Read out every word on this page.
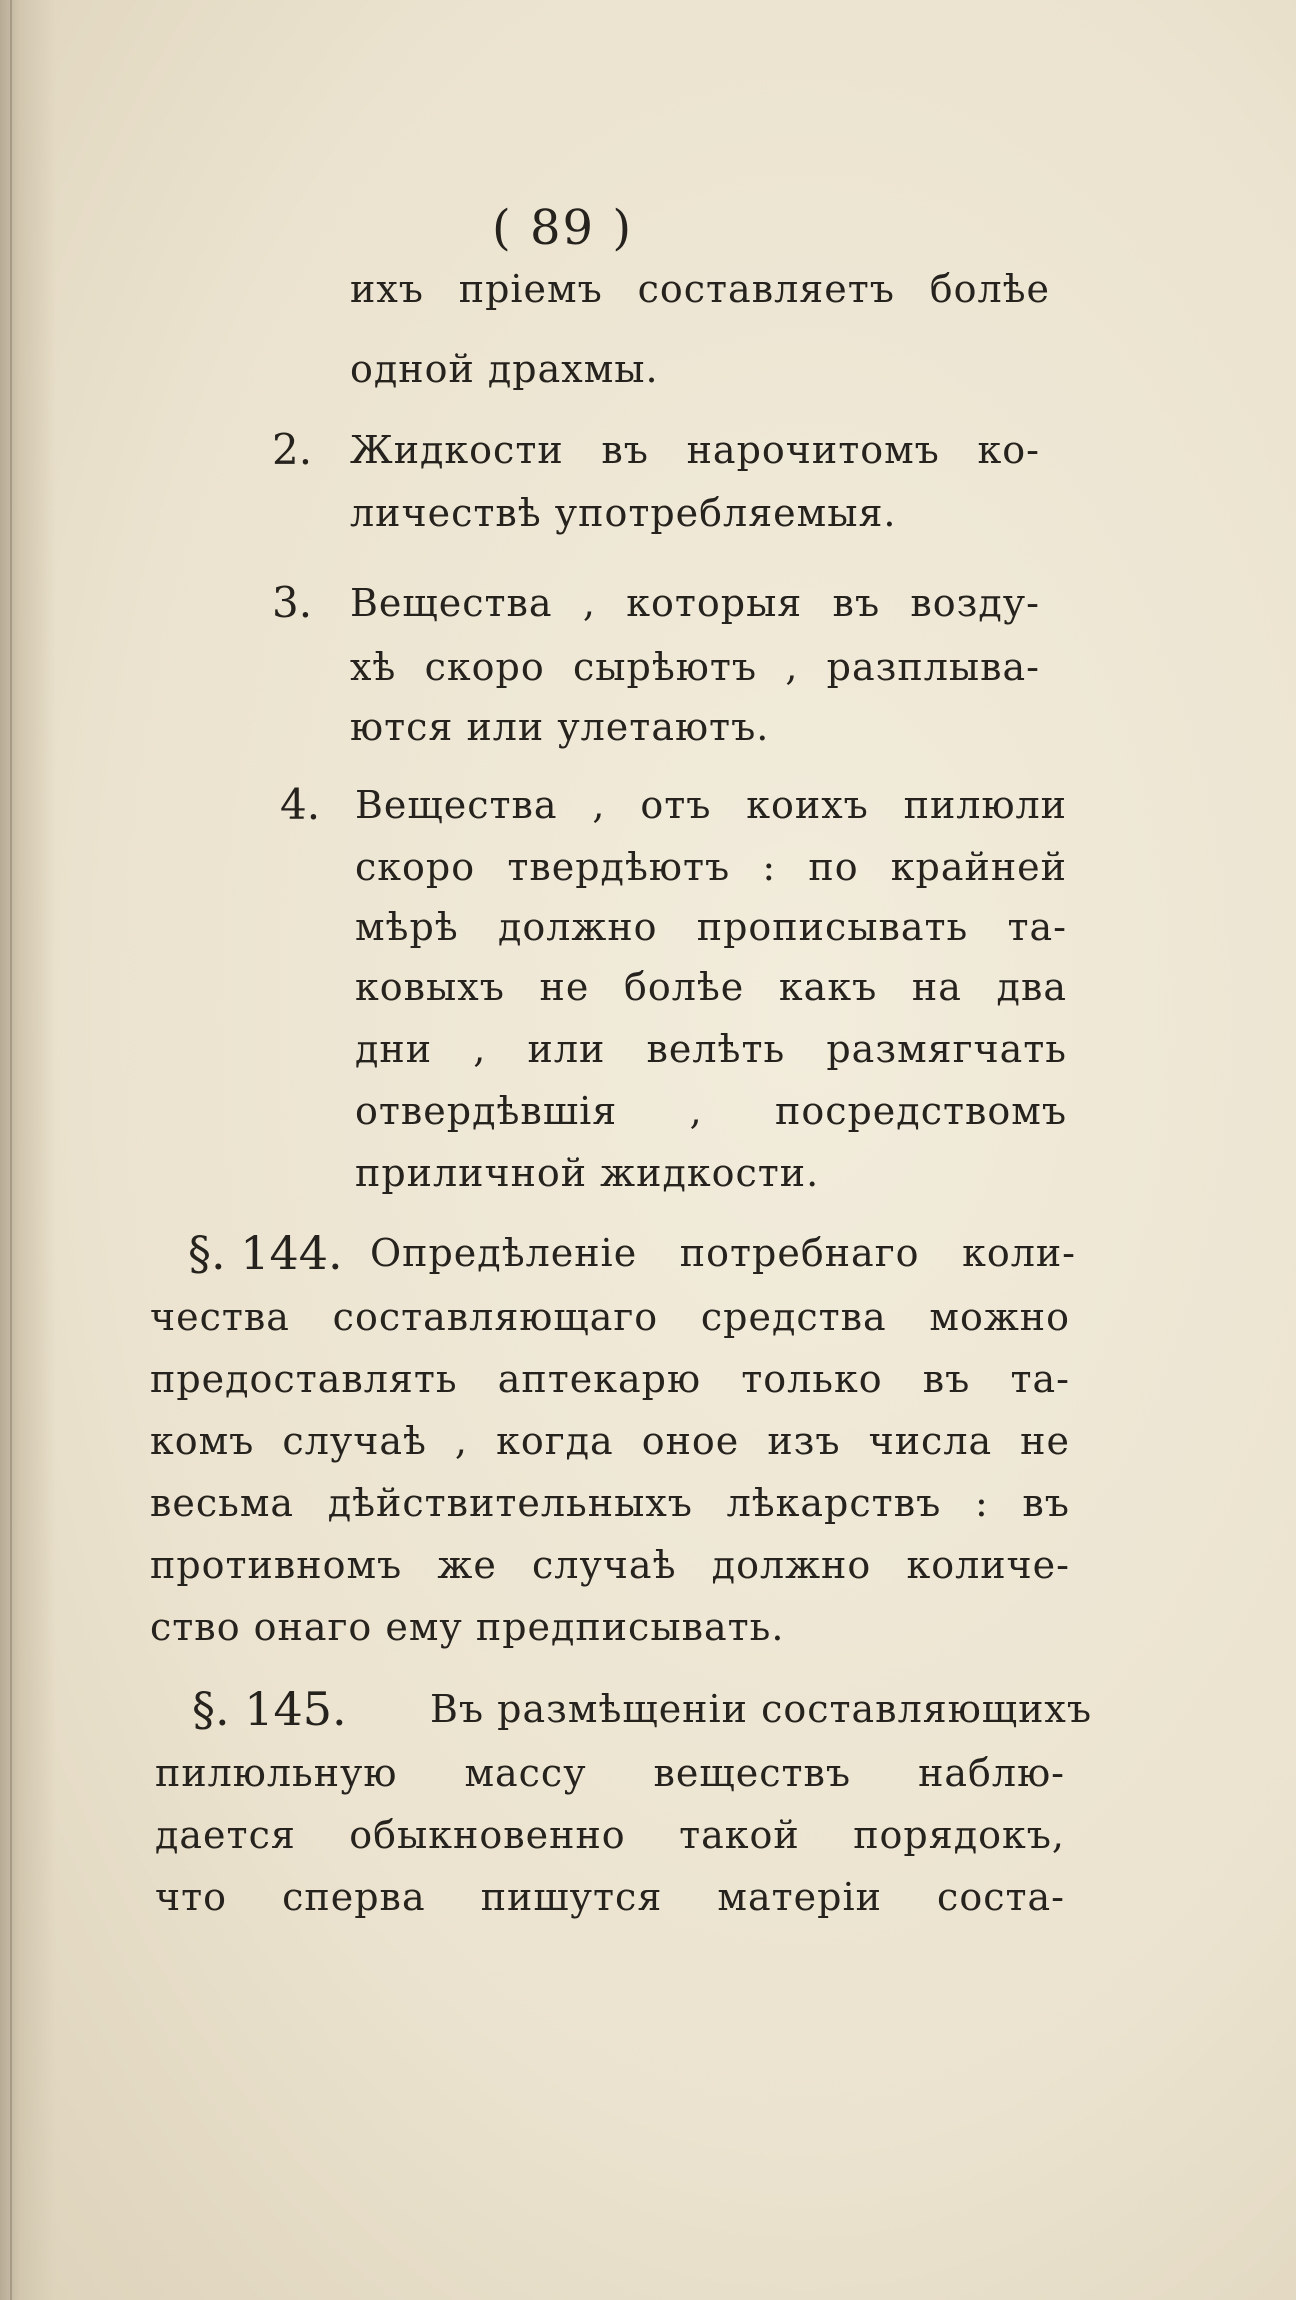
( 89 )

ихъ пріемъ составляетъ болѣе

одной драхмы.

2. Жидкости въ нарочитомъ ко-

личествѣ употребляемыя.

3. Вещества , которыя въ возду-

хѣ скоро сырѣютъ , разплыва-

ются или улетаютъ.

4. Вещества , отъ коихъ пилюли

скоро твердѣютъ : по крайней

мѣрѣ должно прописывать та-

ковыхъ не болѣе какъ на два

дни , или велѣть размягчать

отвердѣвшія , посредствомъ

приличной жидкости.

§. 144. Опредѣленіе потребнаго коли-

чества составляющаго средства можно

предоставлять аптекарю только въ та-

комъ случаѣ , когда оное изъ числа не

весьма дѣйствительныхъ лѣкарствъ : въ

противномъ же случаѣ должно количе-

ство онаго ему предписывать.

§. 145. Въ размѣщеніи составляющихъ

пилюльную массу веществъ наблю-

дается обыкновенно такой порядокъ,

что сперва пишутся матеріи соста-
